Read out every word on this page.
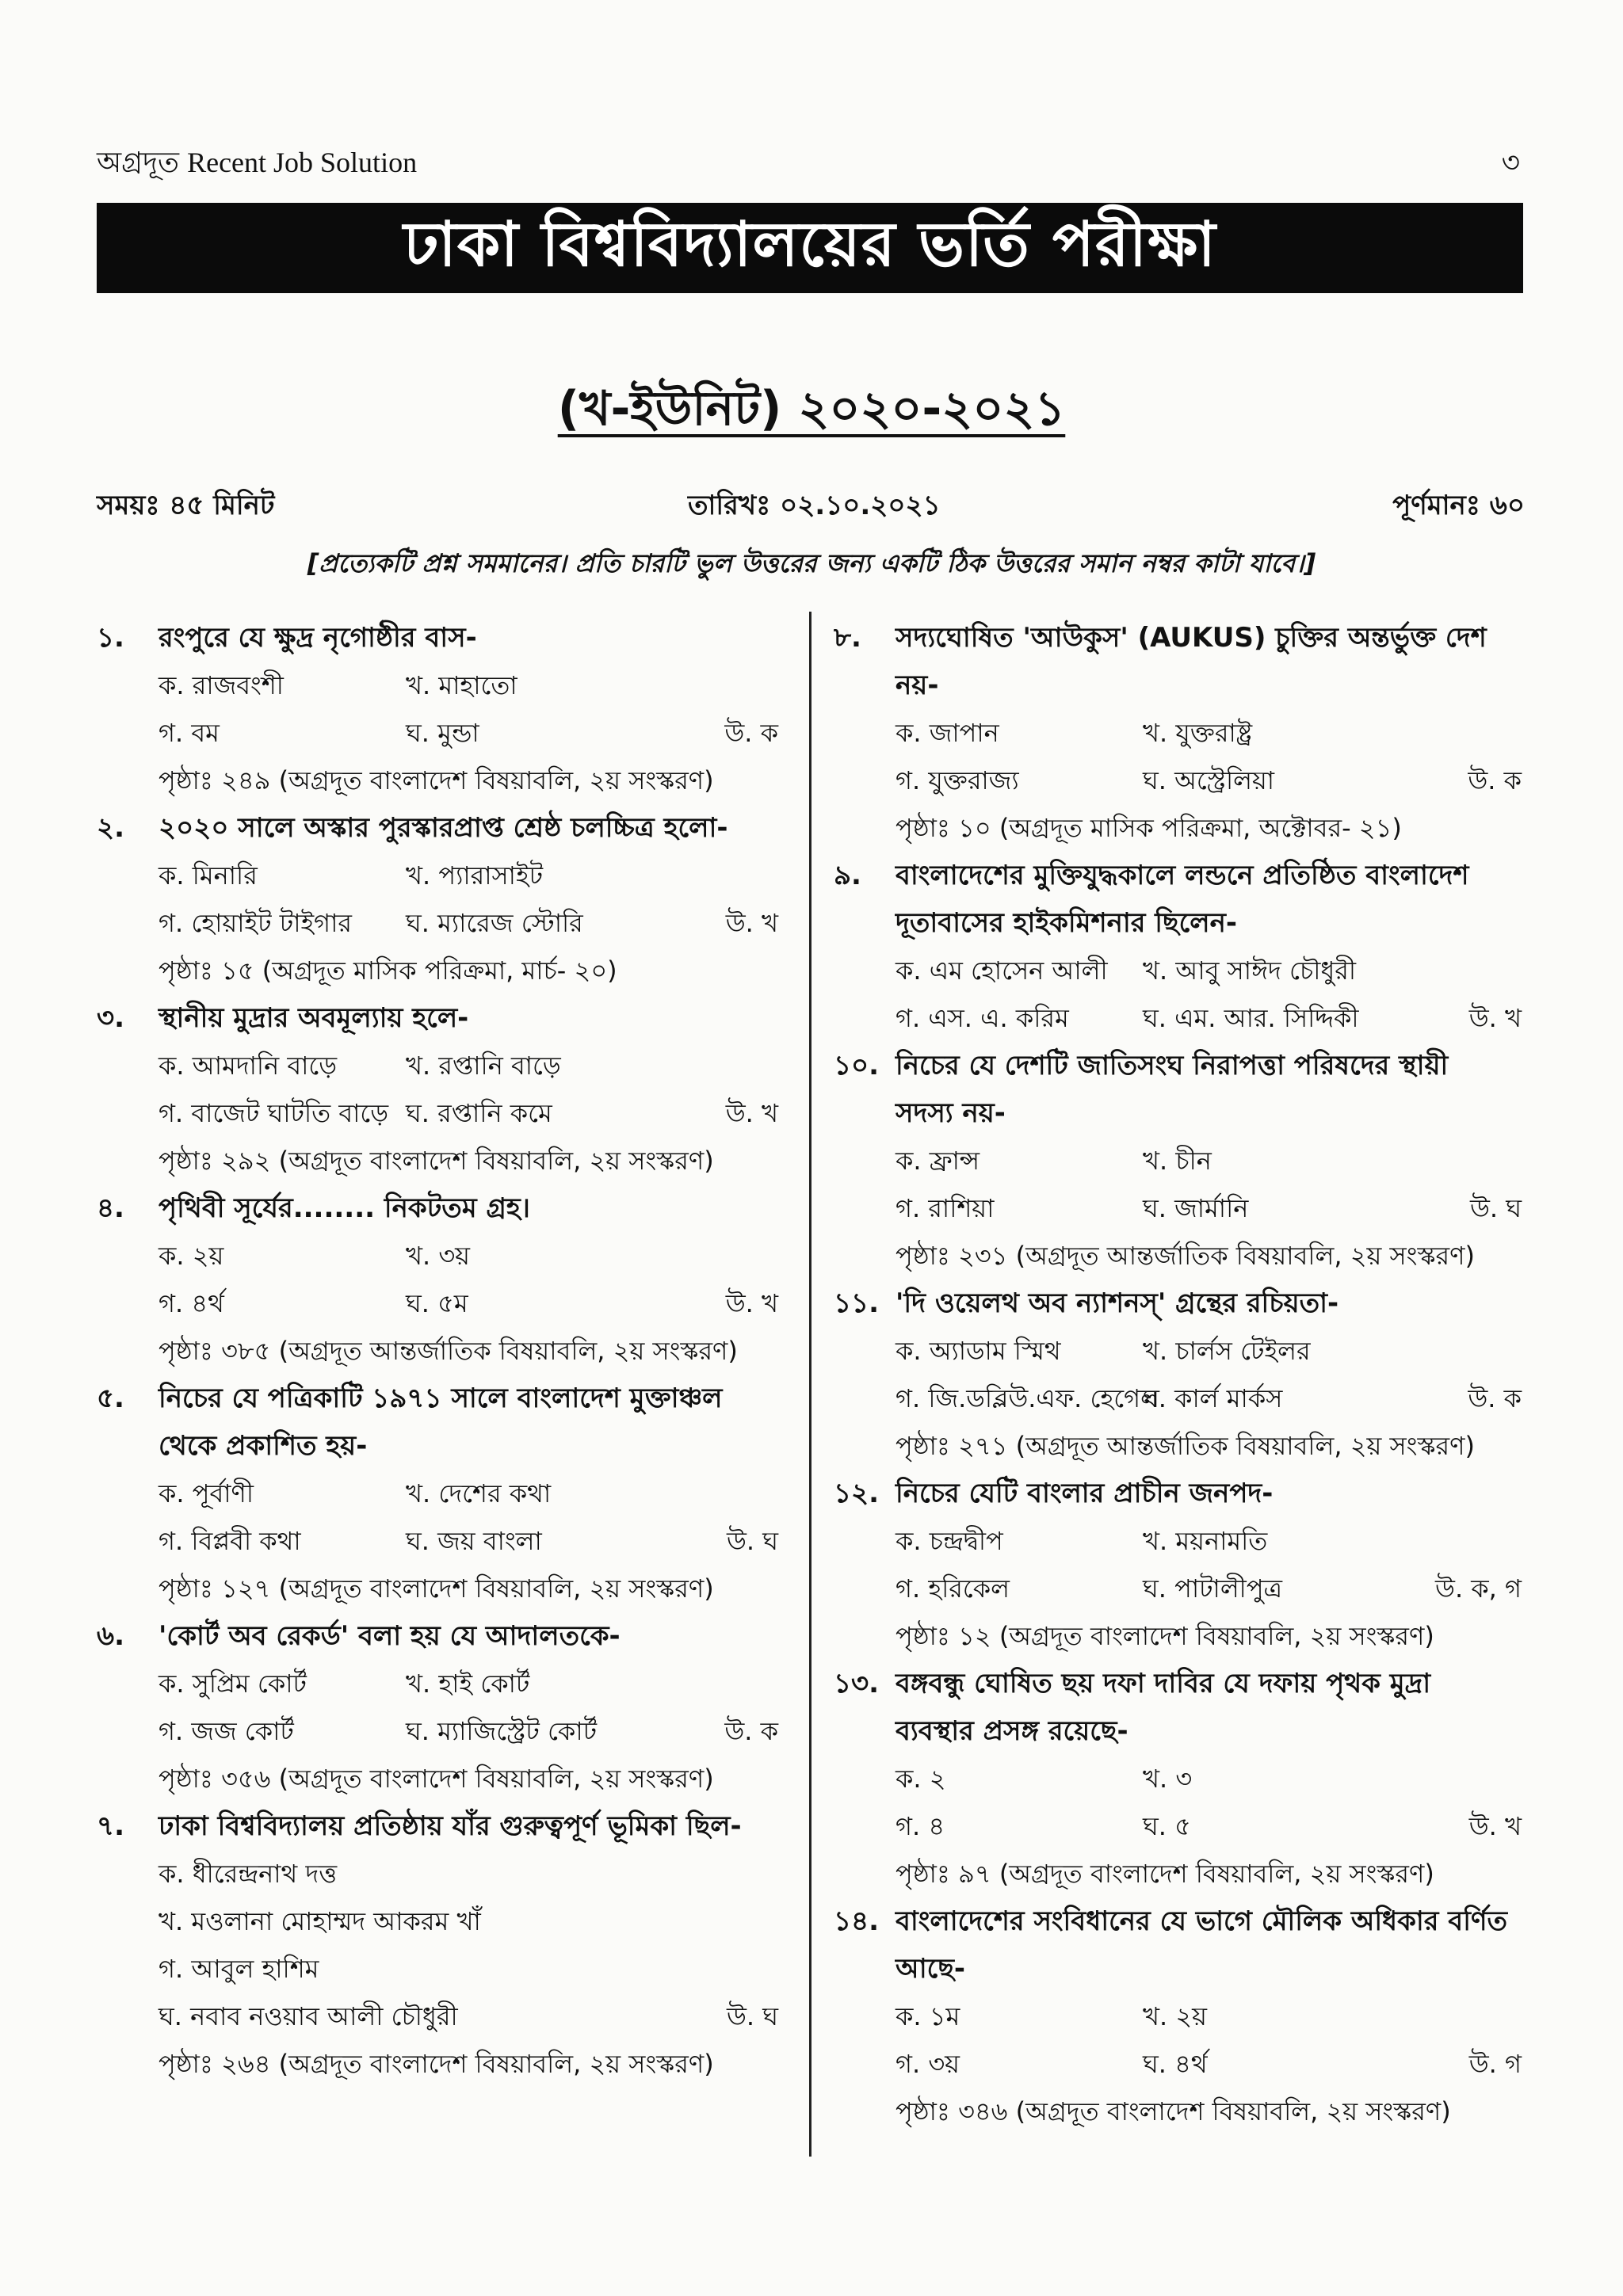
অগ্রদূত Recent Job Solution	৩
ঢাকা বিশ্ববিদ্যালয়ের ভর্তি পরীক্ষা
(খ-ইউনিট) ২০২০-২০২১
সময়ঃ ৪৫ মিনিট	তারিখঃ ০২.১০.২০২১	পূর্ণমানঃ ৬০
[প্রত্যেকটি প্রশ্ন সমমানের। প্রতি চারটি ভুল উত্তরের জন্য একটি ঠিক উত্তরের সমান নম্বর কাটা যাবে।]
১.	রংপুরে যে ক্ষুদ্র নৃগোষ্ঠীর বাস-
ক. রাজবংশী	খ. মাহাতো
গ. বম	ঘ. মুন্ডা	উ. ক
পৃষ্ঠাঃ ২৪৯ (অগ্রদূত বাংলাদেশ বিষয়াবলি, ২য় সংস্করণ)
২.	২০২০ সালে অস্কার পুরস্কারপ্রাপ্ত শ্রেষ্ঠ চলচ্চিত্র হলো-
ক. মিনারি	খ. প্যারাসাইট
গ. হোয়াইট টাইগার ঘ. ম্যারেজ স্টোরি	উ. খ
পৃষ্ঠাঃ ১৫ (অগ্রদূত মাসিক পরিক্রমা, মার্চ- ২০)
৩.	স্থানীয় মুদ্রার অবমূল্যায় হলে-
ক. আমদানি বাড়ে	খ. রপ্তানি বাড়ে
গ. বাজেট ঘাটতি বাড়ে ঘ. রপ্তানি কমে	উ. খ
পৃষ্ঠাঃ ২৯২ (অগ্রদূত বাংলাদেশ বিষয়াবলি, ২য় সংস্করণ)
৪.	পৃথিবী সূর্যের........ নিকটতম গ্রহ।
ক. ২য়	খ. ৩য়
গ. ৪র্থ	ঘ. ৫ম	উ. খ
পৃষ্ঠাঃ ৩৮৫ (অগ্রদূত আন্তর্জাতিক বিষয়াবলি, ২য় সংস্করণ)
৫.	নিচের যে পত্রিকাটি ১৯৭১ সালে বাংলাদেশ মুক্তাঞ্চল
থেকে প্রকাশিত হয়-
ক. পূর্বাণী	খ. দেশের কথা
গ. বিপ্লবী কথা	ঘ. জয় বাংলা	উ. ঘ
পৃষ্ঠাঃ ১২৭ (অগ্রদূত বাংলাদেশ বিষয়াবলি, ২য় সংস্করণ)
৬.	'কোর্ট অব রেকর্ড' বলা হয় যে আদালতকে-
ক. সুপ্রিম কোর্ট	খ. হাই কোর্ট
গ. জজ কোর্ট	ঘ. ম্যাজিস্ট্রেট কোর্ট	উ. ক
পৃষ্ঠাঃ ৩৫৬ (অগ্রদূত বাংলাদেশ বিষয়াবলি, ২য় সংস্করণ)
৭.	ঢাকা বিশ্ববিদ্যালয় প্রতিষ্ঠায় যাঁর গুরুত্বপূর্ণ ভূমিকা ছিল-
ক. ধীরেন্দ্রনাথ দত্ত
খ. মওলানা মোহাম্মদ আকরম খাঁ
গ. আবুল হাশিম
ঘ. নবাব নওয়াব আলী চৌধুরী	উ. ঘ
পৃষ্ঠাঃ ২৬৪ (অগ্রদূত বাংলাদেশ বিষয়াবলি, ২য় সংস্করণ)
৮.	সদ্যঘোষিত 'আউকুস' (AUKUS) চুক্তির অন্তর্ভুক্ত দেশ
নয়-
ক. জাপান	খ. যুক্তরাষ্ট্র
গ. যুক্তরাজ্য	ঘ. অস্ট্রেলিয়া	উ. ক
পৃষ্ঠাঃ ১০ (অগ্রদূত মাসিক পরিক্রমা, অক্টোবর- ২১)
৯.	বাংলাদেশের মুক্তিযুদ্ধকালে লন্ডনে প্রতিষ্ঠিত বাংলাদেশ
দূতাবাসের হাইকমিশনার ছিলেন-
ক. এম হোসেন আলী খ. আবু সাঈদ চৌধুরী
গ. এস. এ. করিম	ঘ. এম. আর. সিদ্দিকী	উ. খ
১০. নিচের যে দেশটি জাতিসংঘ নিরাপত্তা পরিষদের স্থায়ী
সদস্য নয়-
ক. ফ্রান্স	খ. চীন
গ. রাশিয়া	ঘ. জার্মানি	উ. ঘ
পৃষ্ঠাঃ ২৩১ (অগ্রদূত আন্তর্জাতিক বিষয়াবলি, ২য় সংস্করণ)
১১. 'দি ওয়েলথ অব ন্যাশনস্' গ্রন্থের রচিয়তা-
ক. অ্যাডাম স্মিথ	খ. চার্লস টেইলর
গ. জি.ডব্লিউ.এফ. হেগেল
ঘ. কার্ল মার্কস	উ. ক
পৃষ্ঠাঃ ২৭১ (অগ্রদূত আন্তর্জাতিক বিষয়াবলি, ২য় সংস্করণ)
১২. নিচের যেটি বাংলার প্রাচীন জনপদ-
ক. চন্দ্রদ্বীপ	খ. ময়নামতি
গ. হরিকেল	ঘ. পাটালীপুত্র	উ. ক, গ
পৃষ্ঠাঃ ১২ (অগ্রদূত বাংলাদেশ বিষয়াবলি, ২য় সংস্করণ)
১৩. বঙ্গবন্ধু ঘোষিত ছয় দফা দাবির যে দফায় পৃথক মুদ্রা
ব্যবস্থার প্রসঙ্গ রয়েছে-
ক. ২	খ. ৩
গ. ৪	ঘ. ৫	উ. খ
পৃষ্ঠাঃ ৯৭ (অগ্রদূত বাংলাদেশ বিষয়াবলি, ২য় সংস্করণ)
১৪. বাংলাদেশের সংবিধানের যে ভাগে মৌলিক অধিকার বর্ণিত
আছে-
ক. ১ম	খ. ২য়
গ. ৩য়	ঘ. ৪র্থ	উ. গ
পৃষ্ঠাঃ ৩৪৬ (অগ্রদূত বাংলাদেশ বিষয়াবলি, ২য় সংস্করণ)
